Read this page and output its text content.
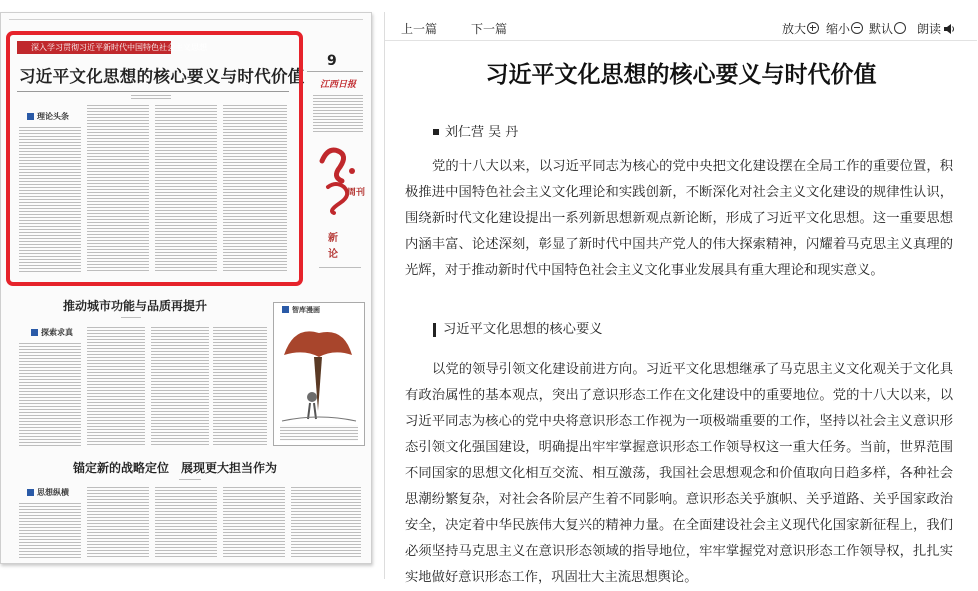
深入学习贯彻习近平新时代中国特色社会主义思想
习近平文化思想的核心要义与时代价值
理论头条
9
江西日报
周刊
新论
推动城市功能与品质再提升
探索求真
智库漫画
锚定新的战略定位　展现更大担当作为
思想纵横
上一篇	下一篇	放大	缩小	默认	朗读
习近平文化思想的核心要义与时代价值
刘仁营 吴 丹

党的十八大以来，以习近平同志为核心的党中央把文化建设摆在全局工作的重要位置，积极推进中国特色社会主义文化理论和实践创新，不断深化对社会主义文化建设的规律性认识，围绕新时代文化建设提出一系列新思想新观点新论断，形成了习近平文化思想。这一重要思想内涵丰富、论述深刻，彰显了新时代中国共产党人的伟大探索精神，闪耀着马克思主义真理的光辉，对于推动新时代中国特色社会主义文化事业发展具有重大理论和现实意义。

习近平文化思想的核心要义

以党的领导引领文化建设前进方向。习近平文化思想继承了马克思主义文化观关于文化具有政治属性的基本观点，突出了意识形态工作在文化建设中的重要地位。党的十八大以来，以习近平同志为核心的党中央将意识形态工作视为一项极端重要的工作，坚持以社会主义意识形态引领文化强国建设，明确提出牢牢掌握意识形态工作领导权这一重大任务。当前，世界范围不同国家的思想文化相互交流、相互激荡，我国社会思想观念和价值取向日趋多样，各种社会思潮纷繁复杂，对社会各阶层产生着不同影响。意识形态关乎旗帜、关乎道路、关乎国家政治安全，决定着中华民族伟大复兴的精神力量。在全面建设社会主义现代化国家新征程上，我们必须坚持马克思主义在意识形态领域的指导地位，牢牢掌握党对意识形态工作领导权，扎扎实实地做好意识形态工作，巩固壮大主流思想舆论。
